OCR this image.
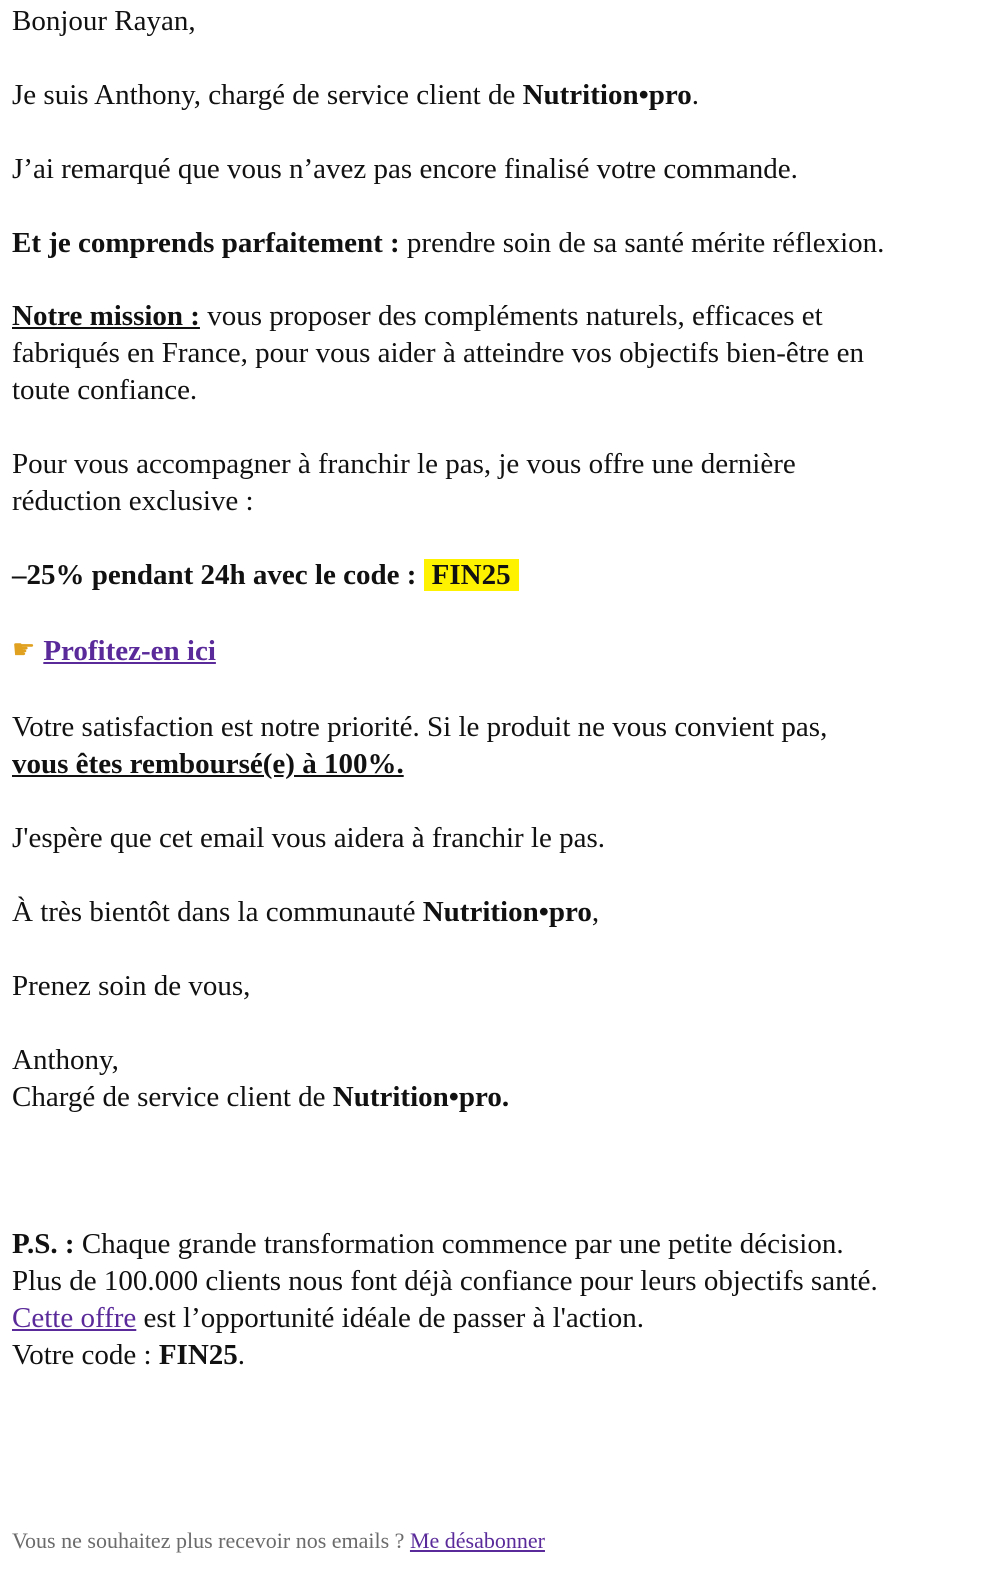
Bonjour Rayan,

Je suis Anthony, chargé de service client de Nutrition•pro.

J’ai remarqué que vous n’avez pas encore finalisé votre commande.

Et je comprends parfaitement : prendre soin de sa santé mérite réflexion.

Notre mission : vous proposer des compléments naturels, efficaces et

fabriqués en France, pour vous aider à atteindre vos objectifs bien-être en

toute confiance.

Pour vous accompagner à franchir le pas, je vous offre une dernière

réduction exclusive :

–25% pendant 24h avec le code : FIN25

☛ Profitez-en ici

Votre satisfaction est notre priorité. Si le produit ne vous convient pas,

vous êtes remboursé(e) à 100%.

J'espère que cet email vous aidera à franchir le pas.

À très bientôt dans la communauté Nutrition•pro,

Prenez soin de vous,

Anthony,

Chargé de service client de Nutrition•pro.

P.S. : Chaque grande transformation commence par une petite décision.

Plus de 100.000 clients nous font déjà confiance pour leurs objectifs santé.

Cette offre est l’opportunité idéale de passer à l'action.

Votre code : FIN25.

Vous ne souhaitez plus recevoir nos emails ? Me désabonner
